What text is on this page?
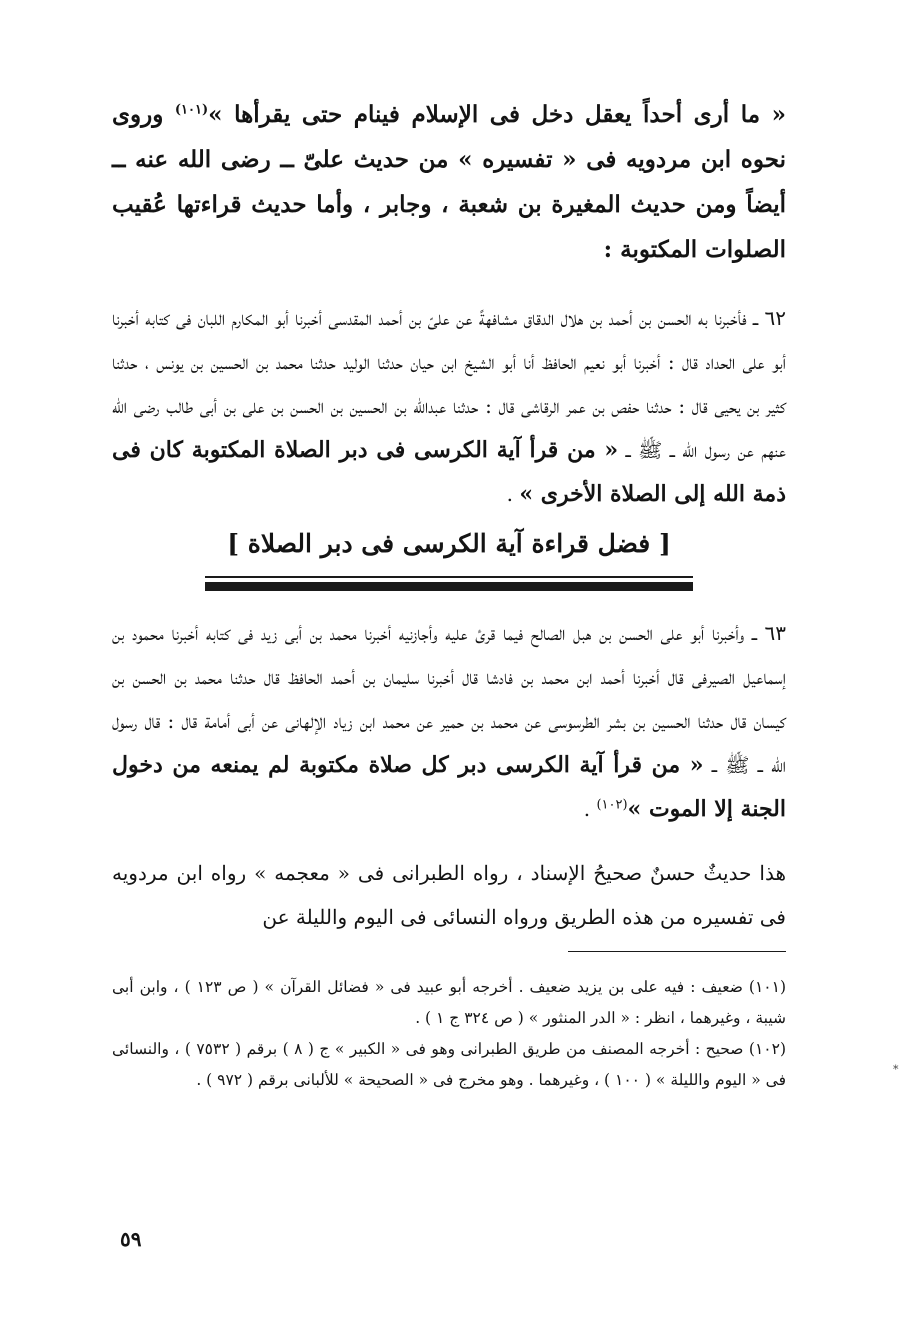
« ما أرى أحداً يعقل دخل فى الإسلام فينام حتى يقرأها »$^{(١٠١)}$ وروى نحوه ابن مردويه فى « تفسيره » من حديث علىّ ــ رضى الله عنه ــ أيضاً ومن حديث المغيرة بن شعبة ، وجابر ، وأما حديث قراءتها عُقيب الصلوات المكتوبة :

٦٢ ــ فأخبرنا به الحسن بن أحمد بن هلال الدقاق مشافهةً عن علىّ بن أحمد المقدسى أخبرنا أبو المكارم اللبان فى كتابه أخبرنا أبو على الحداد قال : أخبرنا أبو نعيم الحافظ أنا أبو الشيخ ابن حيان حدثنا الوليد حدثنا محمد بن الحسين بن يونس ، حدثنا كثير بن يحيى قال : حدثنا حفص بن عمر الرقاشى قال : حدثنا عبدالله بن الحسين بن الحسن بن على بن أبى طالب رضى الله عنهم عن رسول الله ــ ﷺ ــ « من قرأ آية الكرسى فى دبر الصلاة المكتوبة كان فى ذمة الله إلى الصلاة الأخرى » .

[ فضل قراءة آية الكرسى فى دبر الصلاة ]

٦٣ ــ وأخبرنا أبو على الحسن بن هبل الصالح فيما قرئ عليه وأجازنيه أخبرنا محمد بن أبى زيد فى كتابه أخبرنا محمود بن إسماعيل الصيرفى قال أخبرنا أحمد ابن محمد بن فادشا قال أخبرنا سليمان بن أحمد الحافظ قال حدثنا محمد بن الحسن بن كيسان قال حدثنا الحسين بن بشر الطرسوسى عن محمد بن حمير عن محمد ابن زياد الإلهانى عن أبى أمامة قال : قال رسول الله ــ ﷺ ــ « من قرأ آية الكرسى دبر كل صلاة مكتوبة لم يمنعه من دخول الجنة إلا الموت »$^{(١٠٢)}$ .

هذا حديثٌ حسنٌ صحيحُ الإسناد ، رواه الطبرانى فى « معجمه » رواه ابن مردويه فى تفسيره من هذه الطريق ورواه النسائى فى اليوم والليلة عن

(١٠١) ضعيف : فيه على بن يزيد ضعيف . أخرجه أبو عبيد فى « فضائل القرآن » ( ص ١٢٣ ) ، وابن أبى شيبة ، وغيرهما ، انظر : « الدر المنثور » ( ص ٣٢٤ ج ١ ) .

(١٠٢) صحيح : أخرجه المصنف من طريق الطبرانى وهو فى « الكبير » ج ( ٨ ) برقم ( ٧٥٣٢ ) ، والنسائى فى « اليوم والليلة » ( ١٠٠ ) ، وغيرهما . وهو مخرج فى « الصحيحة » للألبانى برقم ( ٩٧٢ ) .

٥٩
*
